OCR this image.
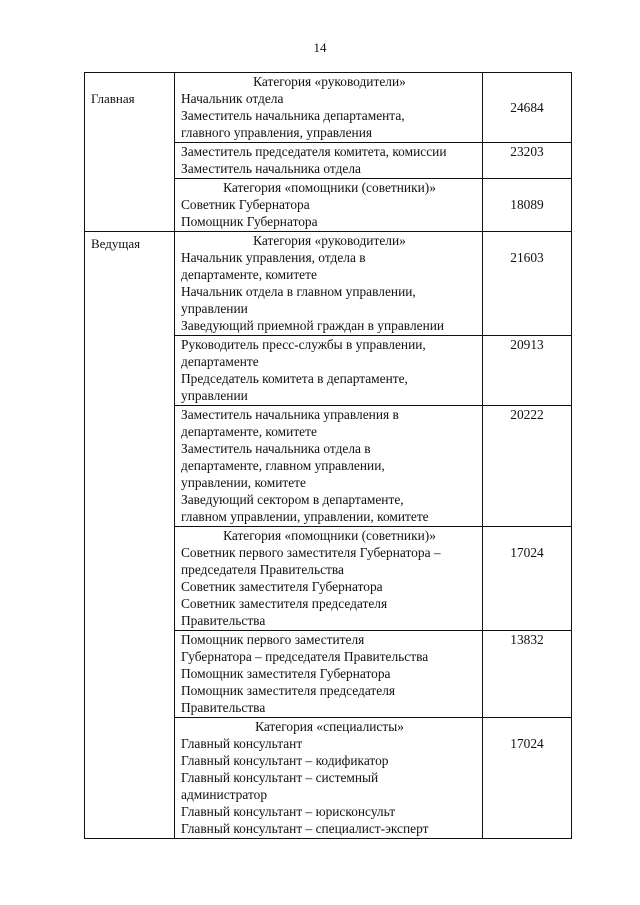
14
Главная
Категория «руководители»
Начальник отдела
Заместитель начальника департамента,
главного управления, управления
24684
Заместитель председателя комитета, комиссии
Заместитель начальника отдела
23203
Категория «помощники (советники)»
Советник Губернатора
Помощник Губернатора
18089
Ведущая	Категория «руководители»
Начальник управления, отдела в
департаменте, комитете
Начальник отдела в главном управлении,
управлении
Заведующий приемной граждан в управлении
21603
Руководитель пресс-службы в управлении,
департаменте
Председатель комитета в департаменте,
управлении
20913
Заместитель начальника управления в
департаменте, комитете
Заместитель начальника отдела в
департаменте, главном управлении,
управлении, комитете
Заведующий сектором в департаменте,
главном управлении, управлении, комитете
20222
Категория «помощники (советники)»
Советник первого заместителя Губернатора –
председателя Правительства
Советник заместителя Губернатора
Советник заместителя председателя
Правительства
17024
Помощник первого заместителя
Губернатора – председателя Правительства
Помощник заместителя Губернатора
Помощник заместителя председателя
Правительства
13832
Категория «специалисты»
Главный консультант
Главный консультант – кодификатор
Главный консультант – системный
администратор
Главный консультант – юрисконсульт
Главный консультант – специалист-эксперт
17024
